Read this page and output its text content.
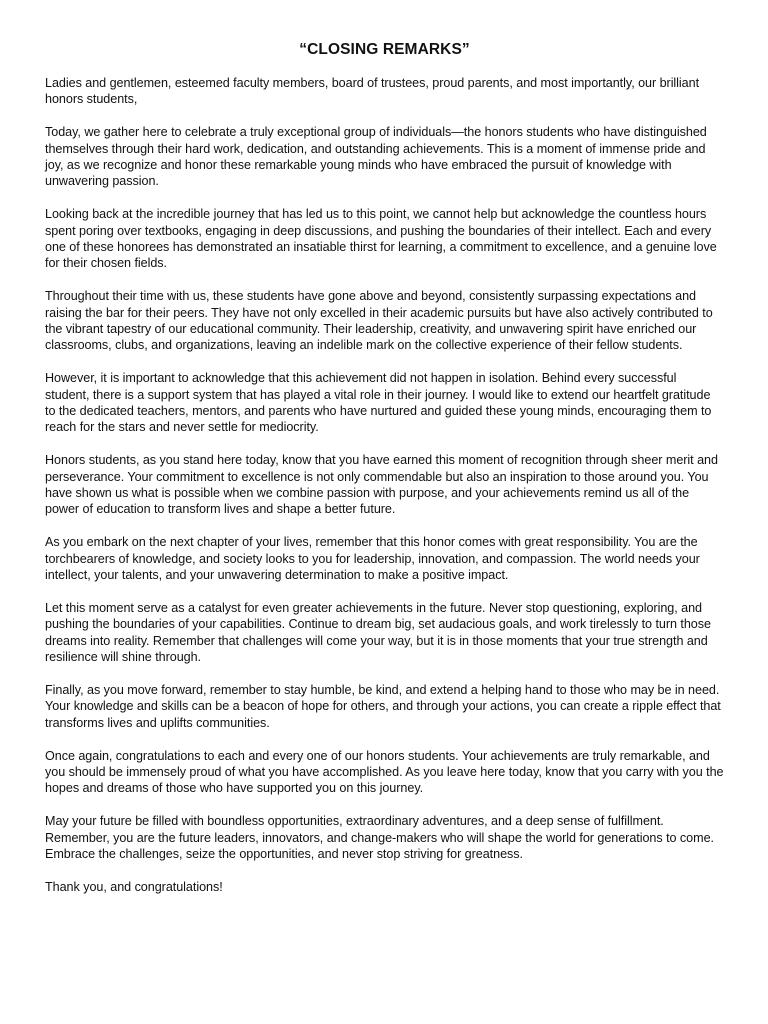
“CLOSING REMARKS”

Ladies and gentlemen, esteemed faculty members, board of trustees, proud parents, and most importantly, our brilliant honors students,

Today, we gather here to celebrate a truly exceptional group of individuals—the honors students who have distinguished themselves through their hard work, dedication, and outstanding achievements. This is a moment of immense pride and joy, as we recognize and honor these remarkable young minds who have embraced the pursuit of knowledge with unwavering passion.

Looking back at the incredible journey that has led us to this point, we cannot help but acknowledge the countless hours spent poring over textbooks, engaging in deep discussions, and pushing the boundaries of their intellect. Each and every one of these honorees has demonstrated an insatiable thirst for learning, a commitment to excellence, and a genuine love for their chosen fields.

Throughout their time with us, these students have gone above and beyond, consistently surpassing expectations and raising the bar for their peers. They have not only excelled in their academic pursuits but have also actively contributed to the vibrant tapestry of our educational community. Their leadership, creativity, and unwavering spirit have enriched our classrooms, clubs, and organizations, leaving an indelible mark on the collective experience of their fellow students.

However, it is important to acknowledge that this achievement did not happen in isolation. Behind every successful student, there is a support system that has played a vital role in their journey. I would like to extend our heartfelt gratitude to the dedicated teachers, mentors, and parents who have nurtured and guided these young minds, encouraging them to reach for the stars and never settle for mediocrity.

Honors students, as you stand here today, know that you have earned this moment of recognition through sheer merit and perseverance. Your commitment to excellence is not only commendable but also an inspiration to those around you. You have shown us what is possible when we combine passion with purpose, and your achievements remind us all of the power of education to transform lives and shape a better future.

As you embark on the next chapter of your lives, remember that this honor comes with great responsibility. You are the torchbearers of knowledge, and society looks to you for leadership, innovation, and compassion. The world needs your intellect, your talents, and your unwavering determination to make a positive impact.

Let this moment serve as a catalyst for even greater achievements in the future. Never stop questioning, exploring, and pushing the boundaries of your capabilities. Continue to dream big, set audacious goals, and work tirelessly to turn those dreams into reality. Remember that challenges will come your way, but it is in those moments that your true strength and resilience will shine through.

Finally, as you move forward, remember to stay humble, be kind, and extend a helping hand to those who may be in need. Your knowledge and skills can be a beacon of hope for others, and through your actions, you can create a ripple effect that transforms lives and uplifts communities.

Once again, congratulations to each and every one of our honors students. Your achievements are truly remarkable, and you should be immensely proud of what you have accomplished. As you leave here today, know that you carry with you the hopes and dreams of those who have supported you on this journey.

May your future be filled with boundless opportunities, extraordinary adventures, and a deep sense of fulfillment. Remember, you are the future leaders, innovators, and change-makers who will shape the world for generations to come. Embrace the challenges, seize the opportunities, and never stop striving for greatness.

Thank you, and congratulations!
